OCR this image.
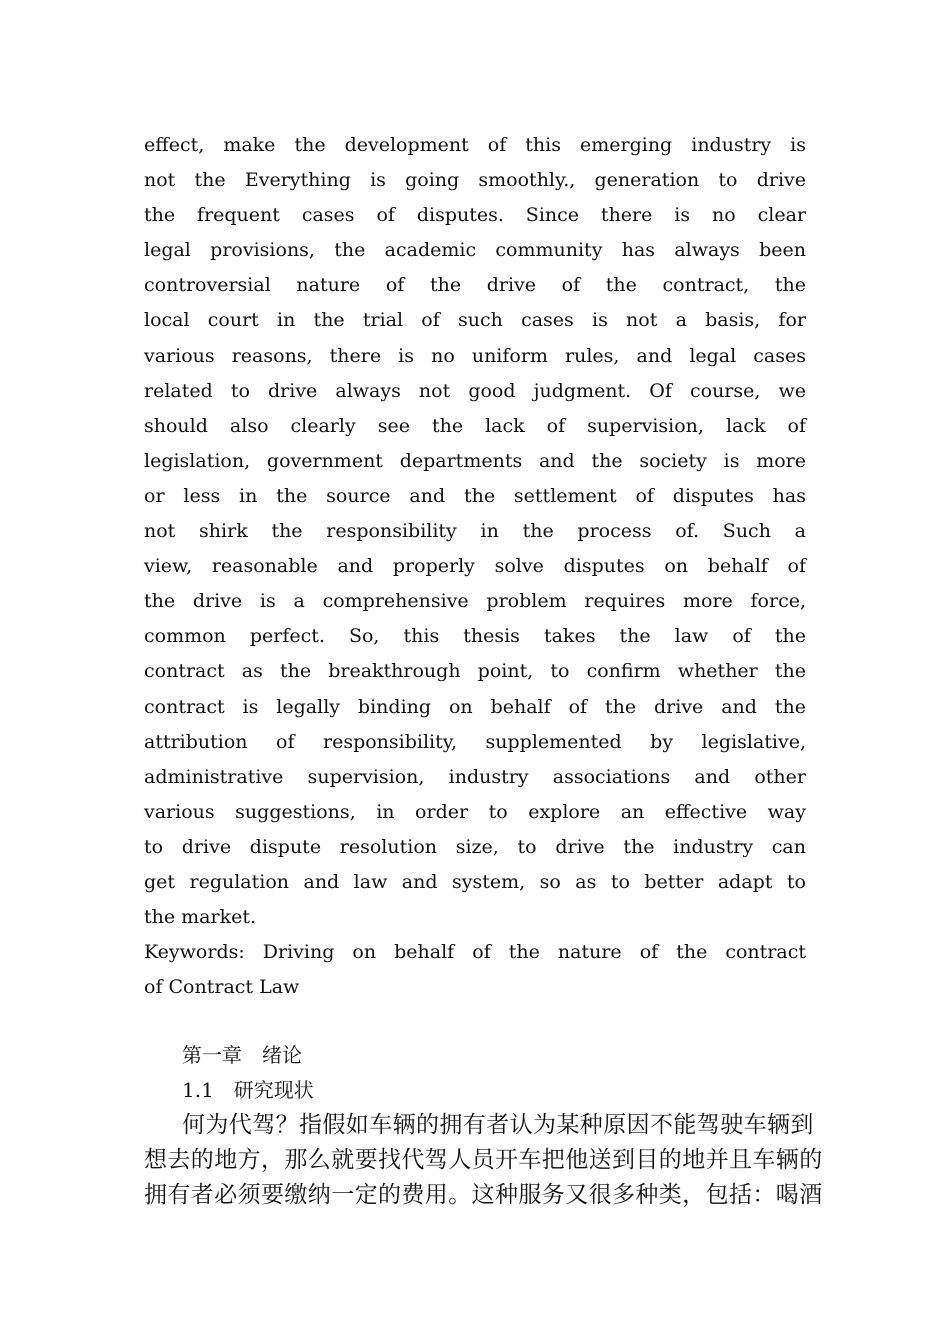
effect, make the development of this emerging industry is
not the Everything is going smoothly., generation to drive
the frequent cases of disputes. Since there is no clear
legal provisions, the academic community has always been
controversial nature of the drive of the contract, the
local court in the trial of such cases is not a basis, for
various reasons, there is no uniform rules, and legal cases
related to drive always not good judgment. Of course, we
should also clearly see the lack of supervision, lack of
legislation, government departments and the society is more
or less in the source and the settlement of disputes has
not shirk the responsibility in the process of. Such a
view, reasonable and properly solve disputes on behalf of
the drive is a comprehensive problem requires more force,
common perfect. So, this thesis takes the law of the
contract as the breakthrough point, to confirm whether the
contract is legally binding on behalf of the drive and the
attribution of responsibility, supplemented by legislative,
administrative supervision, industry associations and other
various suggestions, in order to explore an effective way
to drive dispute resolution size, to drive the industry can
get regulation and law and system, so as to better adapt to
the market.
Keywords: Driving on behalf of the nature of the contract
of Contract Law
第一章　绪论
1.1　研究现状
何为代驾？指假如车辆的拥有者认为某种原因不能驾驶车辆到
想去的地方，那么就要找代驾人员开车把他送到目的地并且车辆的
拥有者必须要缴纳一定的费用。这种服务又很多种类，包括：喝酒
